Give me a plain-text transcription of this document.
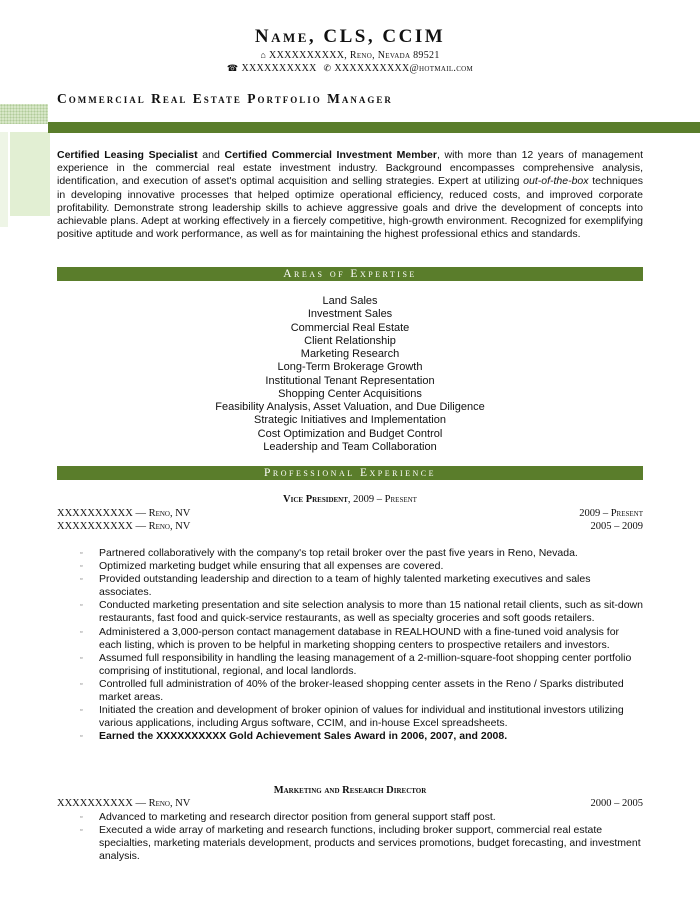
Name, CLS, CCIM
⌂ XXXXXXXXXX, Reno, Nevada 89521
☎ XXXXXXXXXX ✆ XXXXXXXXXX@hotmail.com
Commercial Real Estate Portfolio Manager
Certified Leasing Specialist and Certified Commercial Investment Member, with more than 12 years of management experience in the commercial real estate investment industry. Background encompasses comprehensive analysis, identification, and execution of asset's optimal acquisition and selling strategies. Expert at utilizing out-of-the-box techniques in developing innovative processes that helped optimize operational efficiency, reduced costs, and improved corporate profitability. Demonstrate strong leadership skills to achieve aggressive goals and drive the development of concepts into achievable plans. Adept at working effectively in a fiercely competitive, high-growth environment. Recognized for exemplifying positive aptitude and work performance, as well as for maintaining the highest professional ethics and standards.
Areas of Expertise
Land Sales
Investment Sales
Commercial Real Estate
Client Relationship
Marketing Research
Long-Term Brokerage Growth
Institutional Tenant Representation
Shopping Center Acquisitions
Feasibility Analysis, Asset Valuation, and Due Diligence
Strategic Initiatives and Implementation
Cost Optimization and Budget Control
Leadership and Team Collaboration
Professional Experience
Vice President, 2009 – Present
XXXXXXXXXX — Reno, NV	2009 – Present
XXXXXXXXXX — Reno, NV	2005 – 2009
▫ Partnered collaboratively with the company's top retail broker over the past five years in Reno, Nevada.
▫ Optimized marketing budget while ensuring that all expenses are covered.
▫ Provided outstanding leadership and direction to a team of highly talented marketing executives and sales associates.
▫ Conducted marketing presentation and site selection analysis to more than 15 national retail clients, such as sit-down restaurants, fast food and quick-service restaurants, as well as specialty groceries and soft goods retailers.
▫ Administered a 3,000-person contact management database in REALHOUND with a fine-tuned void analysis for each listing, which is proven to be helpful in marketing shopping centers to prospective retailers and investors.
▫ Assumed full responsibility in handling the leasing management of a 2-million-square-foot shopping center portfolio comprising of institutional, regional, and local landlords.
▫ Controlled full administration of 40% of the broker-leased shopping center assets in the Reno / Sparks distributed market areas.
▫ Initiated the creation and development of broker opinion of values for individual and institutional investors utilizing various applications, including Argus software, CCIM, and in-house Excel spreadsheets.
▫ Earned the XXXXXXXXXX Gold Achievement Sales Award in 2006, 2007, and 2008.
Marketing and Research Director
XXXXXXXXXX — Reno, NV	2000 – 2005
▫ Advanced to marketing and research director position from general support staff post.
▫ Executed a wide array of marketing and research functions, including broker support, commercial real estate specialties, marketing materials development, products and services promotions, budget forecasting, and investment analysis.
